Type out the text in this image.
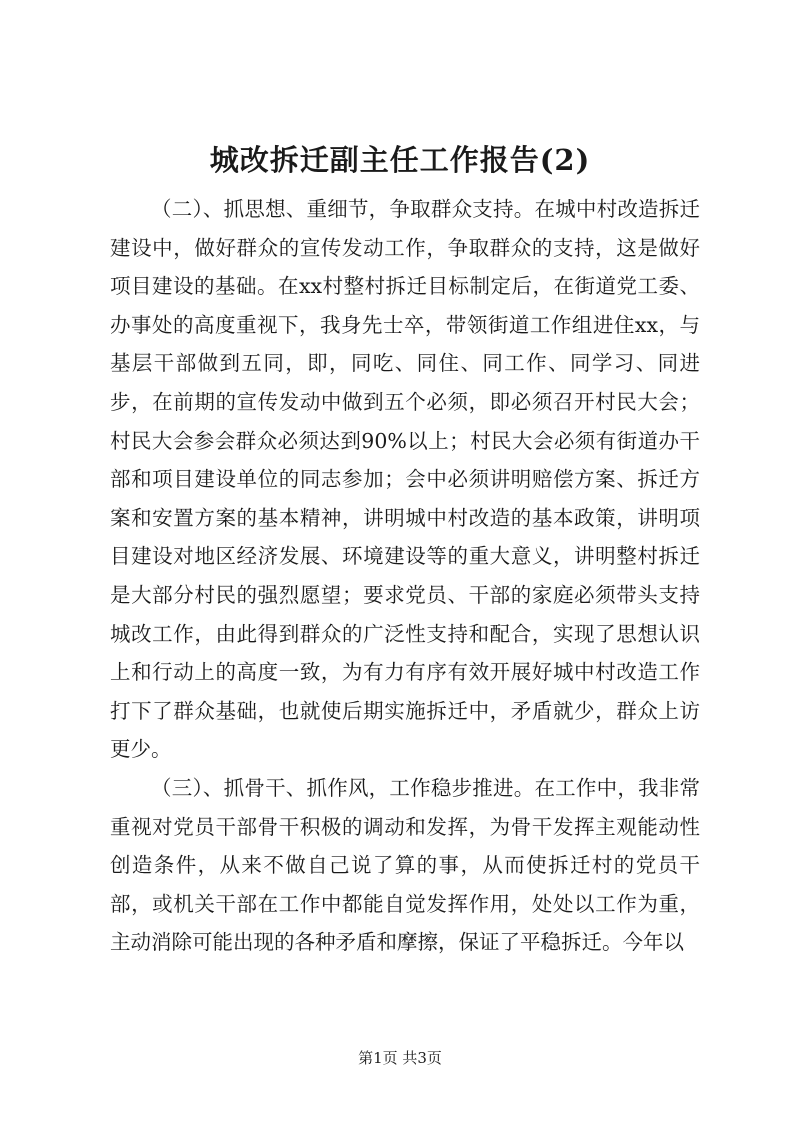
城改拆迁副主任工作报告(2)

（二）、抓思想、重细节，争取群众支持。在城中村改造拆迁建设中，做好群众的宣传发动工作，争取群众的支持，这是做好项目建设的基础。在xx村整村拆迁目标制定后，在街道党工委、办事处的高度重视下，我身先士卒，带领街道工作组进住xx，与基层干部做到五同，即，同吃、同住、同工作、同学习、同进步，在前期的宣传发动中做到五个必须，即必须召开村民大会；村民大会参会群众必须达到90%以上；村民大会必须有街道办干部和项目建设单位的同志参加；会中必须讲明赔偿方案、拆迁方案和安置方案的基本精神，讲明城中村改造的基本政策，讲明项目建设对地区经济发展、环境建设等的重大意义，讲明整村拆迁是大部分村民的强烈愿望；要求党员、干部的家庭必须带头支持城改工作，由此得到群众的广泛性支持和配合，实现了思想认识上和行动上的高度一致，为有力有序有效开展好城中村改造工作打下了群众基础，也就使后期实施拆迁中，矛盾就少，群众上访更少。

（三）、抓骨干、抓作风，工作稳步推进。在工作中，我非常重视对党员干部骨干积极的调动和发挥，为骨干发挥主观能动性创造条件，从来不做自己说了算的事，从而使拆迁村的党员干部，或机关干部在工作中都能自觉发挥作用，处处以工作为重，主动消除可能出现的各种矛盾和摩擦，保证了平稳拆迁。今年以

第1页 共3页
